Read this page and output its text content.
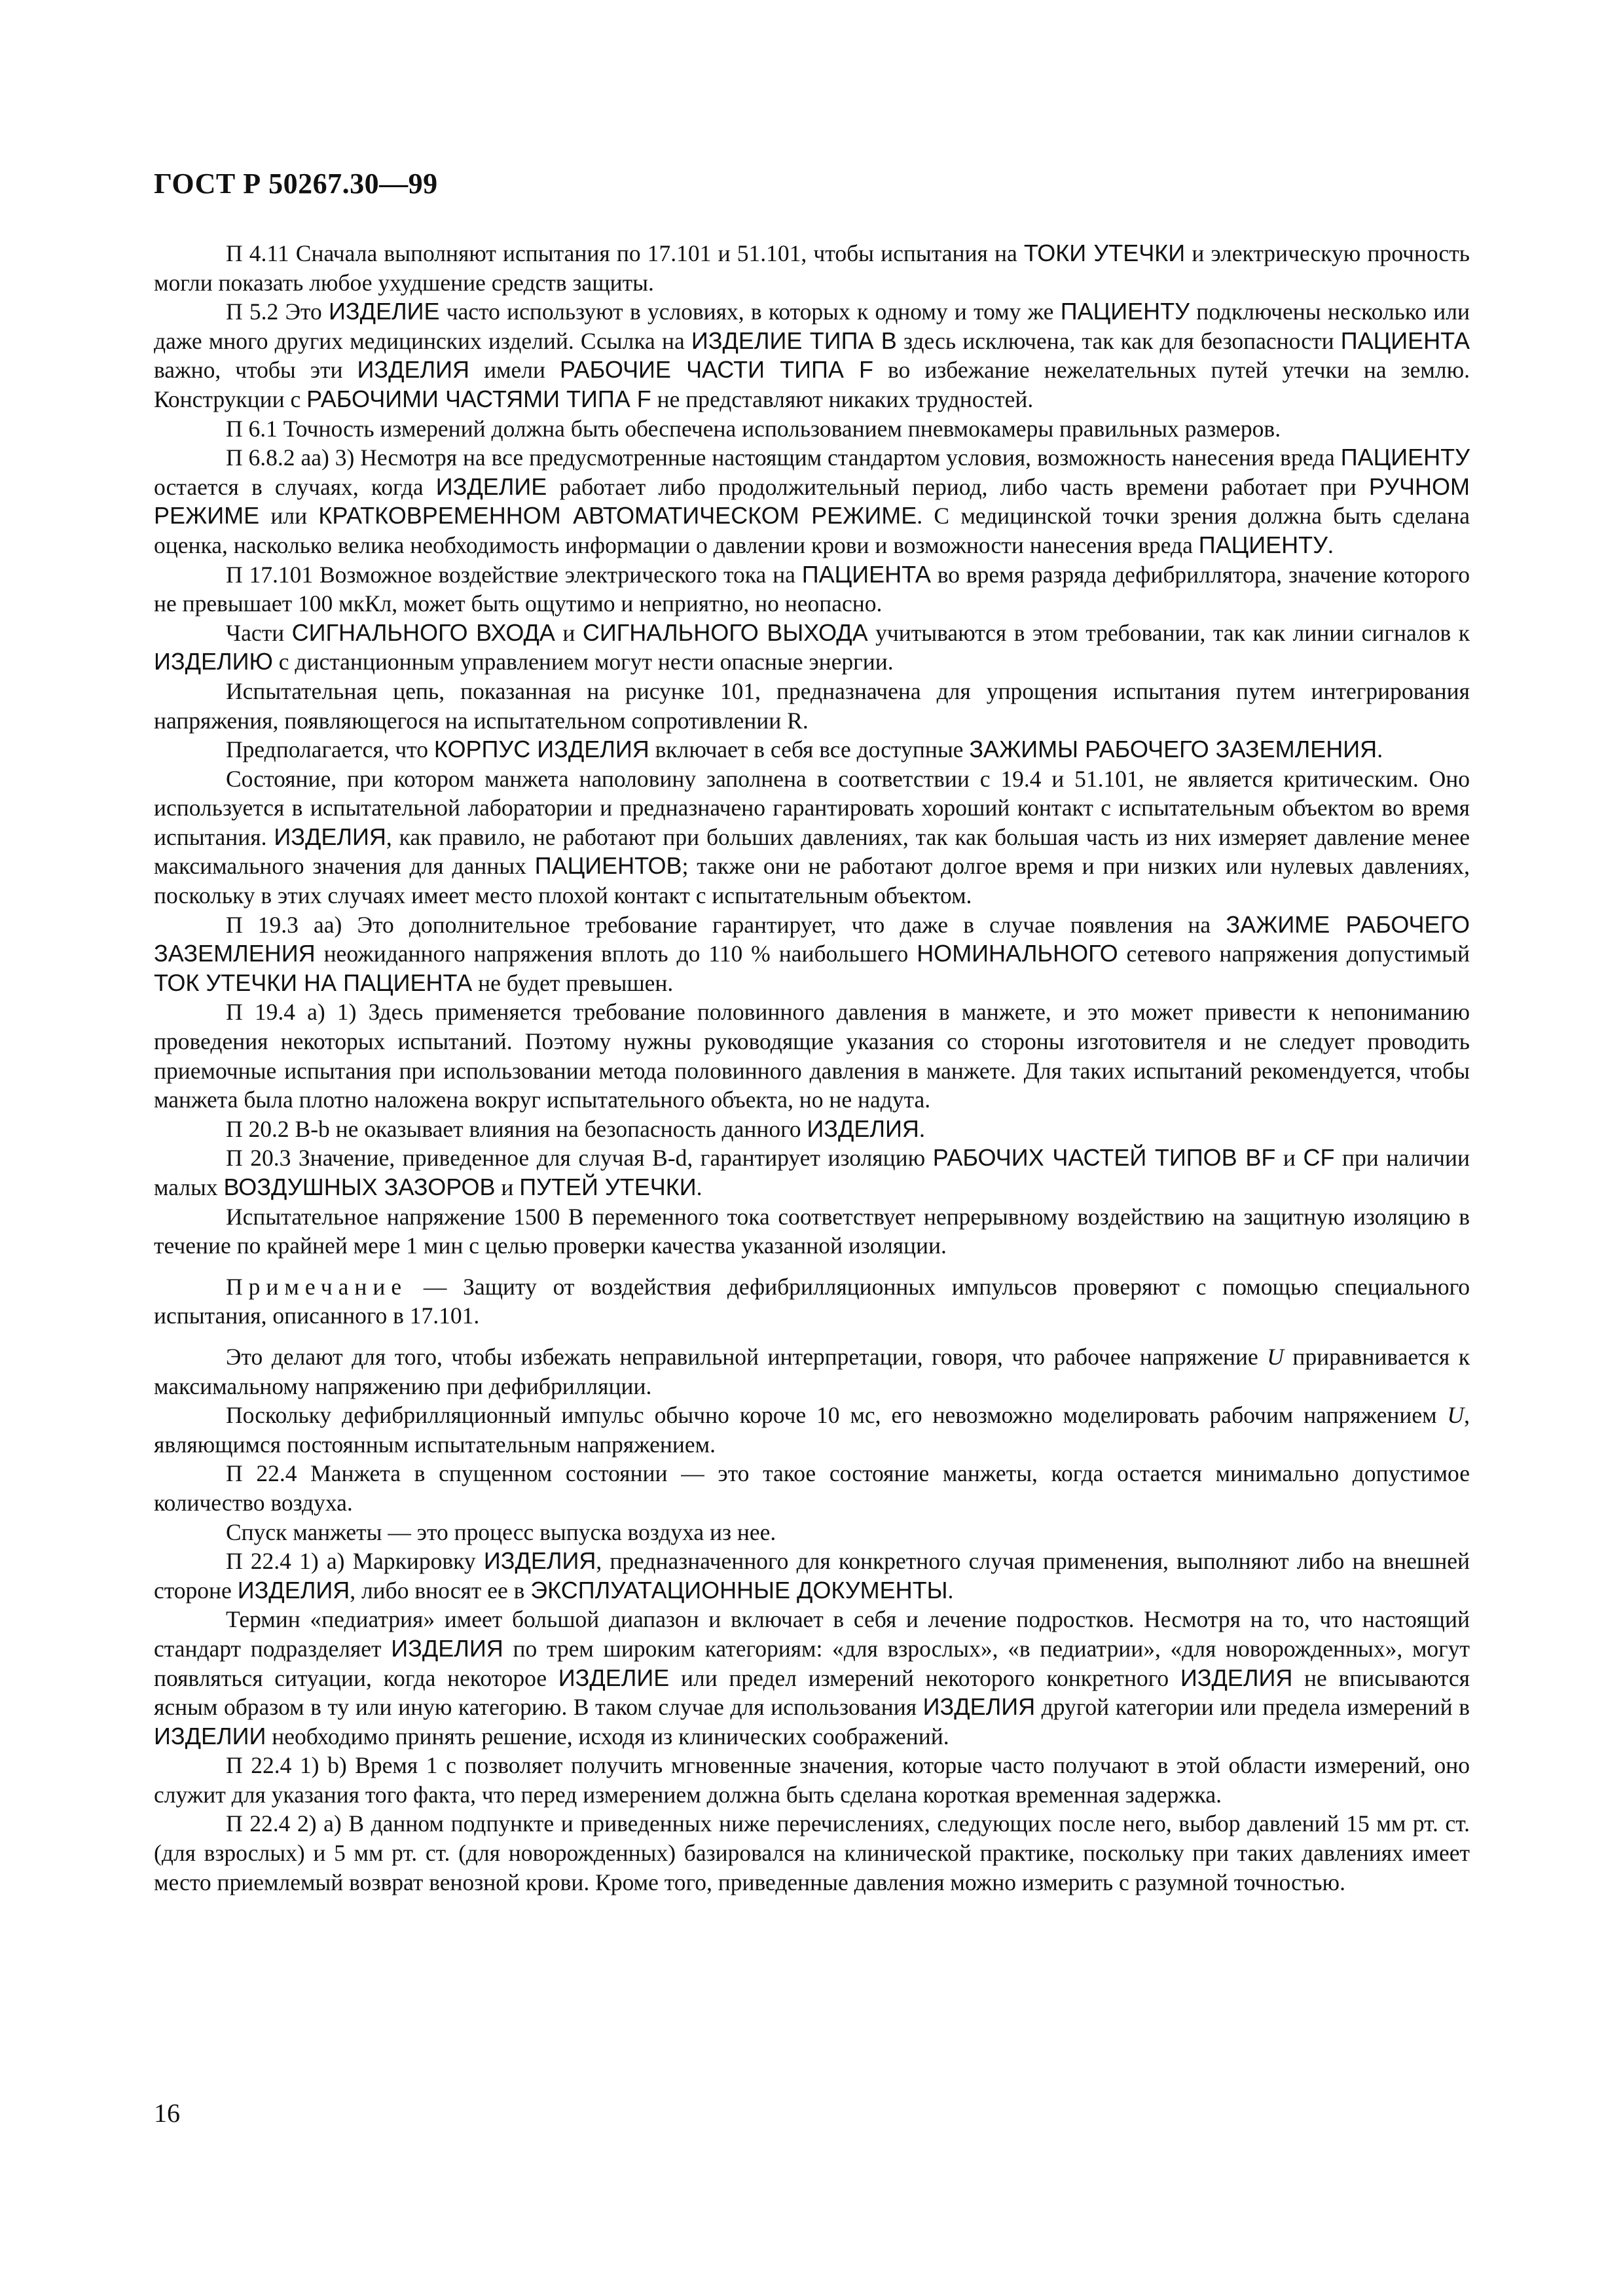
ГОСТ Р 50267.30—99

П 4.11 Сначала выполняют испытания по 17.101 и 51.101, чтобы испытания на ТОКИ УТЕЧКИ и электрическую прочность могли показать любое ухудшение средств защиты.

П 5.2 Это ИЗДЕЛИЕ часто используют в условиях, в которых к одному и тому же ПАЦИЕНТУ подключены несколько или даже много других медицинских изделий. Ссылка на ИЗДЕЛИЕ ТИПА B здесь исключена, так как для безопасности ПАЦИЕНТА важно, чтобы эти ИЗДЕЛИЯ имели РАБОЧИЕ ЧАСТИ ТИПА F во избежание нежелательных путей утечки на землю. Конструкции с РАБОЧИМИ ЧАСТЯМИ ТИПА F не представляют никаких трудностей.

П 6.1 Точность измерений должна быть обеспечена использованием пневмокамеры правильных размеров.

П 6.8.2 аа) 3) Несмотря на все предусмотренные настоящим стандартом условия, возможность нанесения вреда ПАЦИЕНТУ остается в случаях, когда ИЗДЕЛИЕ работает либо продолжительный период, либо часть времени работает при РУЧНОМ РЕЖИМЕ или КРАТКОВРЕМЕННОМ АВТОМАТИЧЕСКОМ РЕЖИМЕ. С медицинской точки зрения должна быть сделана оценка, насколько велика необходимость информации о давлении крови и возможности нанесения вреда ПАЦИЕНТУ.

П 17.101 Возможное воздействие электрического тока на ПАЦИЕНТА во время разряда дефибриллятора, значение которого не превышает 100 мкКл, может быть ощутимо и неприятно, но неопасно.

Части СИГНАЛЬНОГО ВХОДА и СИГНАЛЬНОГО ВЫХОДА учитываются в этом требовании, так как линии сигналов к ИЗДЕЛИЮ с дистанционным управлением могут нести опасные энергии.

Испытательная цепь, показанная на рисунке 101, предназначена для упрощения испытания путем интегрирования напряжения, появляющегося на испытательном сопротивлении R.

Предполагается, что КОРПУС ИЗДЕЛИЯ включает в себя все доступные ЗАЖИМЫ РАБОЧЕГО ЗАЗЕМЛЕНИЯ.

Состояние, при котором манжета наполовину заполнена в соответствии с 19.4 и 51.101, не является критическим. Оно используется в испытательной лаборатории и предназначено гарантировать хороший контакт с испытательным объектом во время испытания. ИЗДЕЛИЯ, как правило, не работают при больших давлениях, так как большая часть из них измеряет давление менее максимального значения для данных ПАЦИЕНТОВ; также они не работают долгое время и при низких или нулевых давлениях, поскольку в этих случаях имеет место плохой контакт с испытательным объектом.

П 19.3 аа) Это дополнительное требование гарантирует, что даже в случае появления на ЗАЖИМЕ РАБОЧЕГО ЗАЗЕМЛЕНИЯ неожиданного напряжения вплоть до 110 % наибольшего НОМИНАЛЬНОГО сетевого напряжения допустимый ТОК УТЕЧКИ НА ПАЦИЕНТА не будет превышен.

П 19.4 а) 1) Здесь применяется требование половинного давления в манжете, и это может привести к непониманию проведения некоторых испытаний. Поэтому нужны руководящие указания со стороны изготовителя и не следует проводить приемочные испытания при использовании метода половинного давления в манжете. Для таких испытаний рекомендуется, чтобы манжета была плотно наложена вокруг испытательного объекта, но не надута.

П 20.2 B-b не оказывает влияния на безопасность данного ИЗДЕЛИЯ.

П 20.3 Значение, приведенное для случая B-d, гарантирует изоляцию РАБОЧИХ ЧАСТЕЙ ТИПОВ BF и CF при наличии малых ВОЗДУШНЫХ ЗАЗОРОВ и ПУТЕЙ УТЕЧКИ.

Испытательное напряжение 1500 В переменного тока соответствует непрерывному воздействию на защитную изоляцию в течение по крайней мере 1 мин с целью проверки качества указанной изоляции.

Примечание — Защиту от воздействия дефибрилляционных импульсов проверяют с помощью специального испытания, описанного в 17.101.

Это делают для того, чтобы избежать неправильной интерпретации, говоря, что рабочее напряжение U приравнивается к максимальному напряжению при дефибрилляции.

Поскольку дефибрилляционный импульс обычно короче 10 мс, его невозможно моделировать рабочим напряжением U, являющимся постоянным испытательным напряжением.

П 22.4 Манжета в спущенном состоянии — это такое состояние манжеты, когда остается минимально допустимое количество воздуха.

Спуск манжеты — это процесс выпуска воздуха из нее.

П 22.4 1) а) Маркировку ИЗДЕЛИЯ, предназначенного для конкретного случая применения, выполняют либо на внешней стороне ИЗДЕЛИЯ, либо вносят ее в ЭКСПЛУАТАЦИОННЫЕ ДОКУМЕНТЫ.

Термин «педиатрия» имеет большой диапазон и включает в себя и лечение подростков. Несмотря на то, что настоящий стандарт подразделяет ИЗДЕЛИЯ по трем широким категориям: «для взрослых», «в педиатрии», «для новорожденных», могут появляться ситуации, когда некоторое ИЗДЕЛИЕ или предел измерений некоторого конкретного ИЗДЕЛИЯ не вписываются ясным образом в ту или иную категорию. В таком случае для использования ИЗДЕЛИЯ другой категории или предела измерений в ИЗДЕЛИИ необходимо принять решение, исходя из клинических соображений.

П 22.4 1) b) Время 1 с позволяет получить мгновенные значения, которые часто получают в этой области измерений, оно служит для указания того факта, что перед измерением должна быть сделана короткая временная задержка.

П 22.4 2) а) В данном подпункте и приведенных ниже перечислениях, следующих после него, выбор давлений 15 мм рт. ст. (для взрослых) и 5 мм рт. ст. (для новорожденных) базировался на клинической практике, поскольку при таких давлениях имеет место приемлемый возврат венозной крови. Кроме того, приведенные давления можно измерить с разумной точностью.

16
